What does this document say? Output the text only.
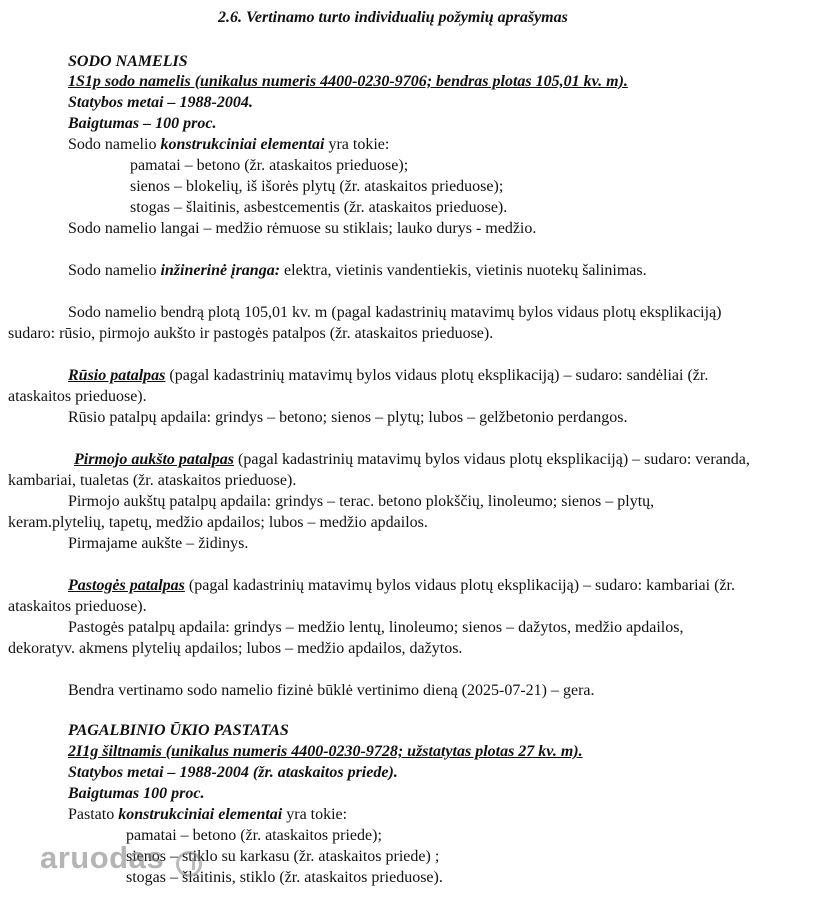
2.6. Vertinamo turto individualių požymių aprašymas
SODO NAMELIS
1S1p sodo namelis (unikalus numeris 4400-0230-9706; bendras plotas 105,01 kv. m).
Statybos metai – 1988-2004.
Baigtumas – 100 proc.
Sodo namelio konstrukciniai elementai yra tokie:
pamatai – betono (žr. ataskaitos prieduose);
sienos – blokelių, iš išorės plytų (žr. ataskaitos prieduose);
stogas – šlaitinis, asbestcementis (žr. ataskaitos prieduose).
Sodo namelio langai – medžio rėmuose su stiklais; lauko durys - medžio.
Sodo namelio inžinerinė įranga: elektra, vietinis vandentiekis, vietinis nuotekų šalinimas.
Sodo namelio bendrą plotą 105,01 kv. m (pagal kadastrinių matavimų bylos vidaus plotų eksplikaciją)
sudaro: rūsio, pirmojo aukšto ir pastogės patalpos (žr. ataskaitos prieduose).
Rūsio patalpas (pagal kadastrinių matavimų bylos vidaus plotų eksplikaciją) – sudaro: sandėliai (žr.
ataskaitos prieduose).
Rūsio patalpų apdaila: grindys – betono; sienos – plytų; lubos – gelžbetonio perdangos.
Pirmojo aukšto patalpas (pagal kadastrinių matavimų bylos vidaus plotų eksplikaciją) – sudaro: veranda,
kambariai, tualetas (žr. ataskaitos prieduose).
Pirmojo aukštų patalpų apdaila: grindys – terac. betono plokščių, linoleumo; sienos – plytų,
keram.plytelių, tapetų, medžio apdailos; lubos – medžio apdailos.
Pirmajame aukšte – židinys.
Pastogės patalpas (pagal kadastrinių matavimų bylos vidaus plotų eksplikaciją) – sudaro: kambariai (žr.
ataskaitos prieduose).
Pastogės patalpų apdaila: grindys – medžio lentų, linoleumo; sienos – dažytos, medžio apdailos,
dekoratyv. akmens plytelių apdailos; lubos – medžio apdailos, dažytos.
Bendra vertinamo sodo namelio fizinė būklė vertinimo dieną (2025-07-21) – gera.
PAGALBINIO ŪKIO PASTATAS
2I1g šiltnamis (unikalus numeris 4400-0230-9728; užstatytas plotas 27 kv. m).
Statybos metai – 1988-2004 (žr. ataskaitos priede).
Baigtumas 100 proc.
Pastato konstrukciniai elementai yra tokie:
pamatai – betono (žr. ataskaitos priede);
sienos – stiklo su karkasu (žr. ataskaitos priede) ;
stogas – šlaitinis, stiklo (žr. ataskaitos prieduose).
aruodas
